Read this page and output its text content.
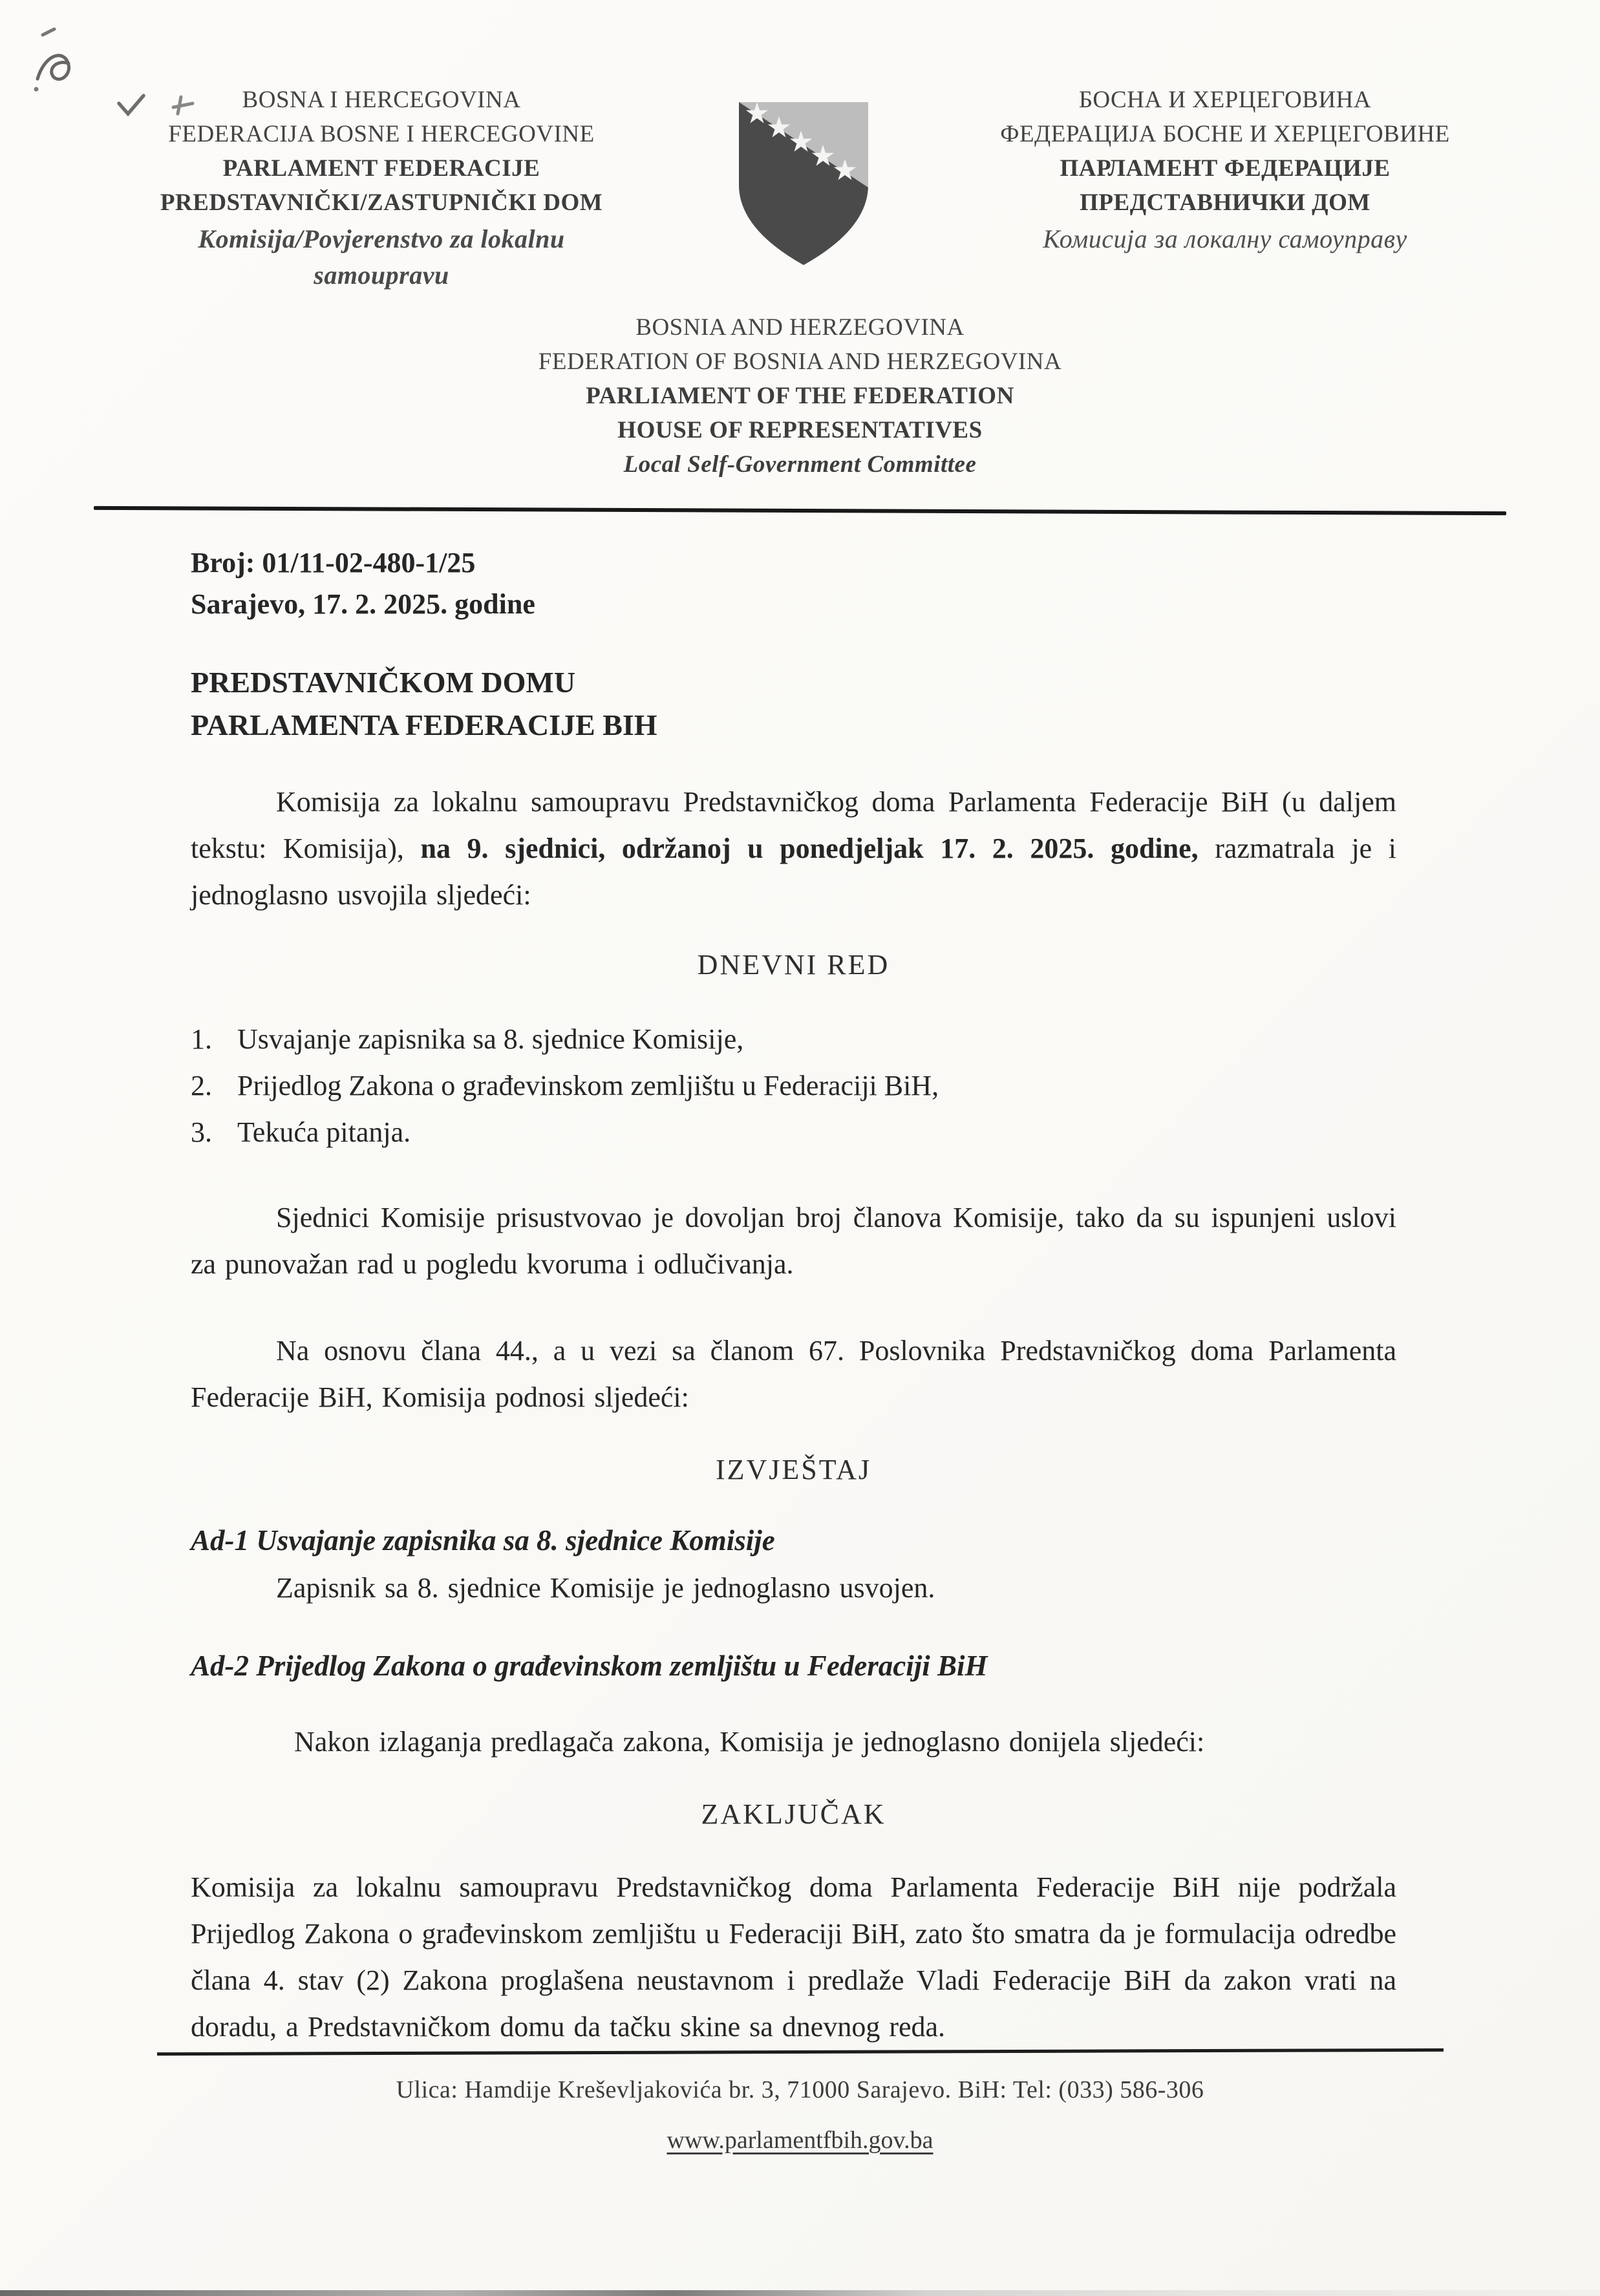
BOSNA I HERCEGOVINA
FEDERACIJA BOSNE I HERCEGOVINE
PARLAMENT FEDERACIJE
PREDSTAVNIČKI/ZASTUPNIČKI DOM
Komisija/Povjerenstvo za lokalnu samoupravu
БОСНА И ХЕРЦЕГОВИНА
ФЕДЕРАЦИЈА БОСНЕ И ХЕРЦЕГОВИНЕ
ПАРЛАМЕНТ ФЕДЕРАЦИЈЕ
ПРЕДСТАВНИЧКИ ДОМ
Комисија за локалну самоуправу
BOSNIA AND HERZEGOVINA
FEDERATION OF BOSNIA AND HERZEGOVINA
PARLIAMENT OF THE FEDERATION
HOUSE OF REPRESENTATIVES
Local Self-Government Committee
Broj: 01/11-02-480-1/25
Sarajevo, 17. 2. 2025. godine
PREDSTAVNIČKOM DOMU
PARLAMENTA FEDERACIJE BIH

Komisija za lokalnu samoupravu Predstavničkog doma Parlamenta Federacije BiH (u daljem tekstu: Komisija), na 9. sjednici, održanoj u ponedjeljak 17. 2. 2025. godine, razmatrala je i jednoglasno usvojila sljedeći:

DNEVNI RED
1. Usvajanje zapisnika sa 8. sjednice Komisije,
2. Prijedlog Zakona o građevinskom zemljištu u Federaciji BiH,
3. Tekuća pitanja.

Sjednici Komisije prisustvovao je dovoljan broj članova Komisije, tako da su ispunjeni uslovi za punovažan rad u pogledu kvoruma i odlučivanja.

Na osnovu člana 44., a u vezi sa članom 67. Poslovnika Predstavničkog doma Parlamenta Federacije BiH, Komisija podnosi sljedeći:

IZVJEŠTAJ
Ad-1 Usvajanje zapisnika sa 8. sjednice Komisije

Zapisnik sa 8. sjednice Komisije je jednoglasno usvojen.

Ad-2 Prijedlog Zakona o građevinskom zemljištu u Federaciji BiH

Nakon izlaganja predlagača zakona, Komisija je jednoglasno donijela sljedeći:

ZAKLJUČAK

Komisija za lokalnu samoupravu Predstavničkog doma Parlamenta Federacije BiH nije podržala Prijedlog Zakona o građevinskom zemljištu u Federaciji BiH, zato što smatra da je formulacija odredbe člana 4. stav (2) Zakona proglašena neustavnom i predlaže Vladi Federacije BiH da zakon vrati na doradu, a Predstavničkom domu da tačku skine sa dnevnog reda.

Ulica: Hamdije Kreševljakovića br. 3, 71000 Sarajevo. BiH: Tel: (033) 586-306

www.parlamentfbih.gov.ba
